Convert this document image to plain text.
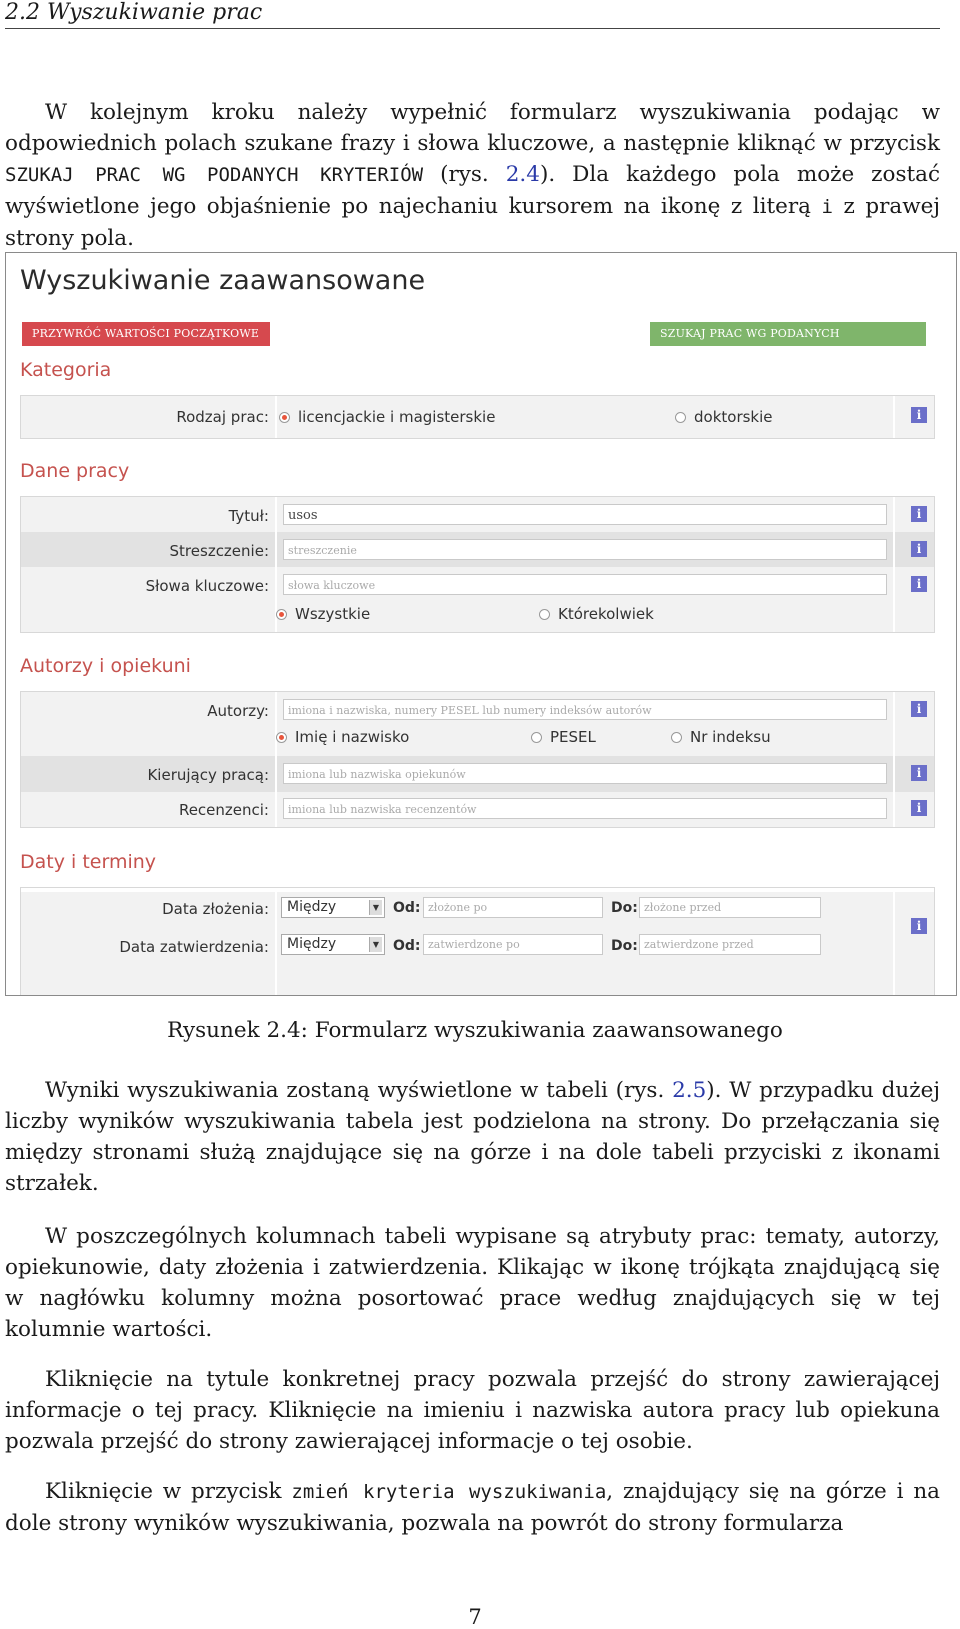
2.2 Wyszukiwanie prac

W kolejnym kroku należy wypełnić formularz wyszukiwania podając w odpowiednich polach szukane frazy i słowa kluczowe, a następnie kliknąć w przycisk SZUKAJ PRAC WG PODANYCH KRYTERIÓW (rys. 2.4). Dla każdego pola może zostać wyświetlone jego objaśnienie po najechaniu kursorem na ikonę z literą i z prawej strony pola.

Wyszukiwanie zaawansowane
PRZYWRÓĆ WARTOŚCI POCZĄTKOWE	SZUKAJ PRAC WG PODANYCH KRYTERIÓW
Kategoria
Rodzaj prac:	licencjackie i magisterskie	doktorskie	i
Dane pracy
Tytuł:	usos	i
Streszczenie:	streszczenie	i
Słowa kluczowe:	słowa kluczowe	i
Wszystkie	Którekolwiek
Autorzy i opiekuni
Autorzy:	imiona i nazwiska, numery PESEL lub numery indeksów autorów	i
Imię i nazwisko	PESEL	Nr indeksu
Kierujący pracą:	imiona lub nazwiska opiekunów	i
Recenzenci:	imiona lub nazwiska recenzentów	i
Daty i terminy
Data złożenia:	Między	▼ Od: złożone po	Do: złożone przed
Data zatwierdzenia:	Między	▼ Od: zatwierdzone po	Do: zatwierdzone przed
i
Rysunek 2.4: Formularz wyszukiwania zaawansowanego

Wyniki wyszukiwania zostaną wyświetlone w tabeli (rys. 2.5). W przypadku dużej liczby wyników wyszukiwania tabela jest podzielona na strony. Do przełączania się między stronami służą znajdujące się na górze i na dole tabeli przyciski z ikonami strzałek.

W poszczególnych kolumnach tabeli wypisane są atrybuty prac: tematy, autorzy, opiekunowie, daty złożenia i zatwierdzenia. Klikając w ikonę trójkąta znajdującą się w nagłówku kolumny można posortować prace według znajdujących się w tej kolumnie wartości.

Kliknięcie na tytule konkretnej pracy pozwala przejść do strony zawierającej informacje o tej pracy. Kliknięcie na imieniu i nazwiska autora pracy lub opiekuna pozwala przejść do strony zawierającej informacje o tej osobie.

Kliknięcie w przycisk zmień kryteria wyszukiwania, znajdujący się na górze i na dole strony wyników wyszukiwania, pozwala na powrót do strony formularza

7
